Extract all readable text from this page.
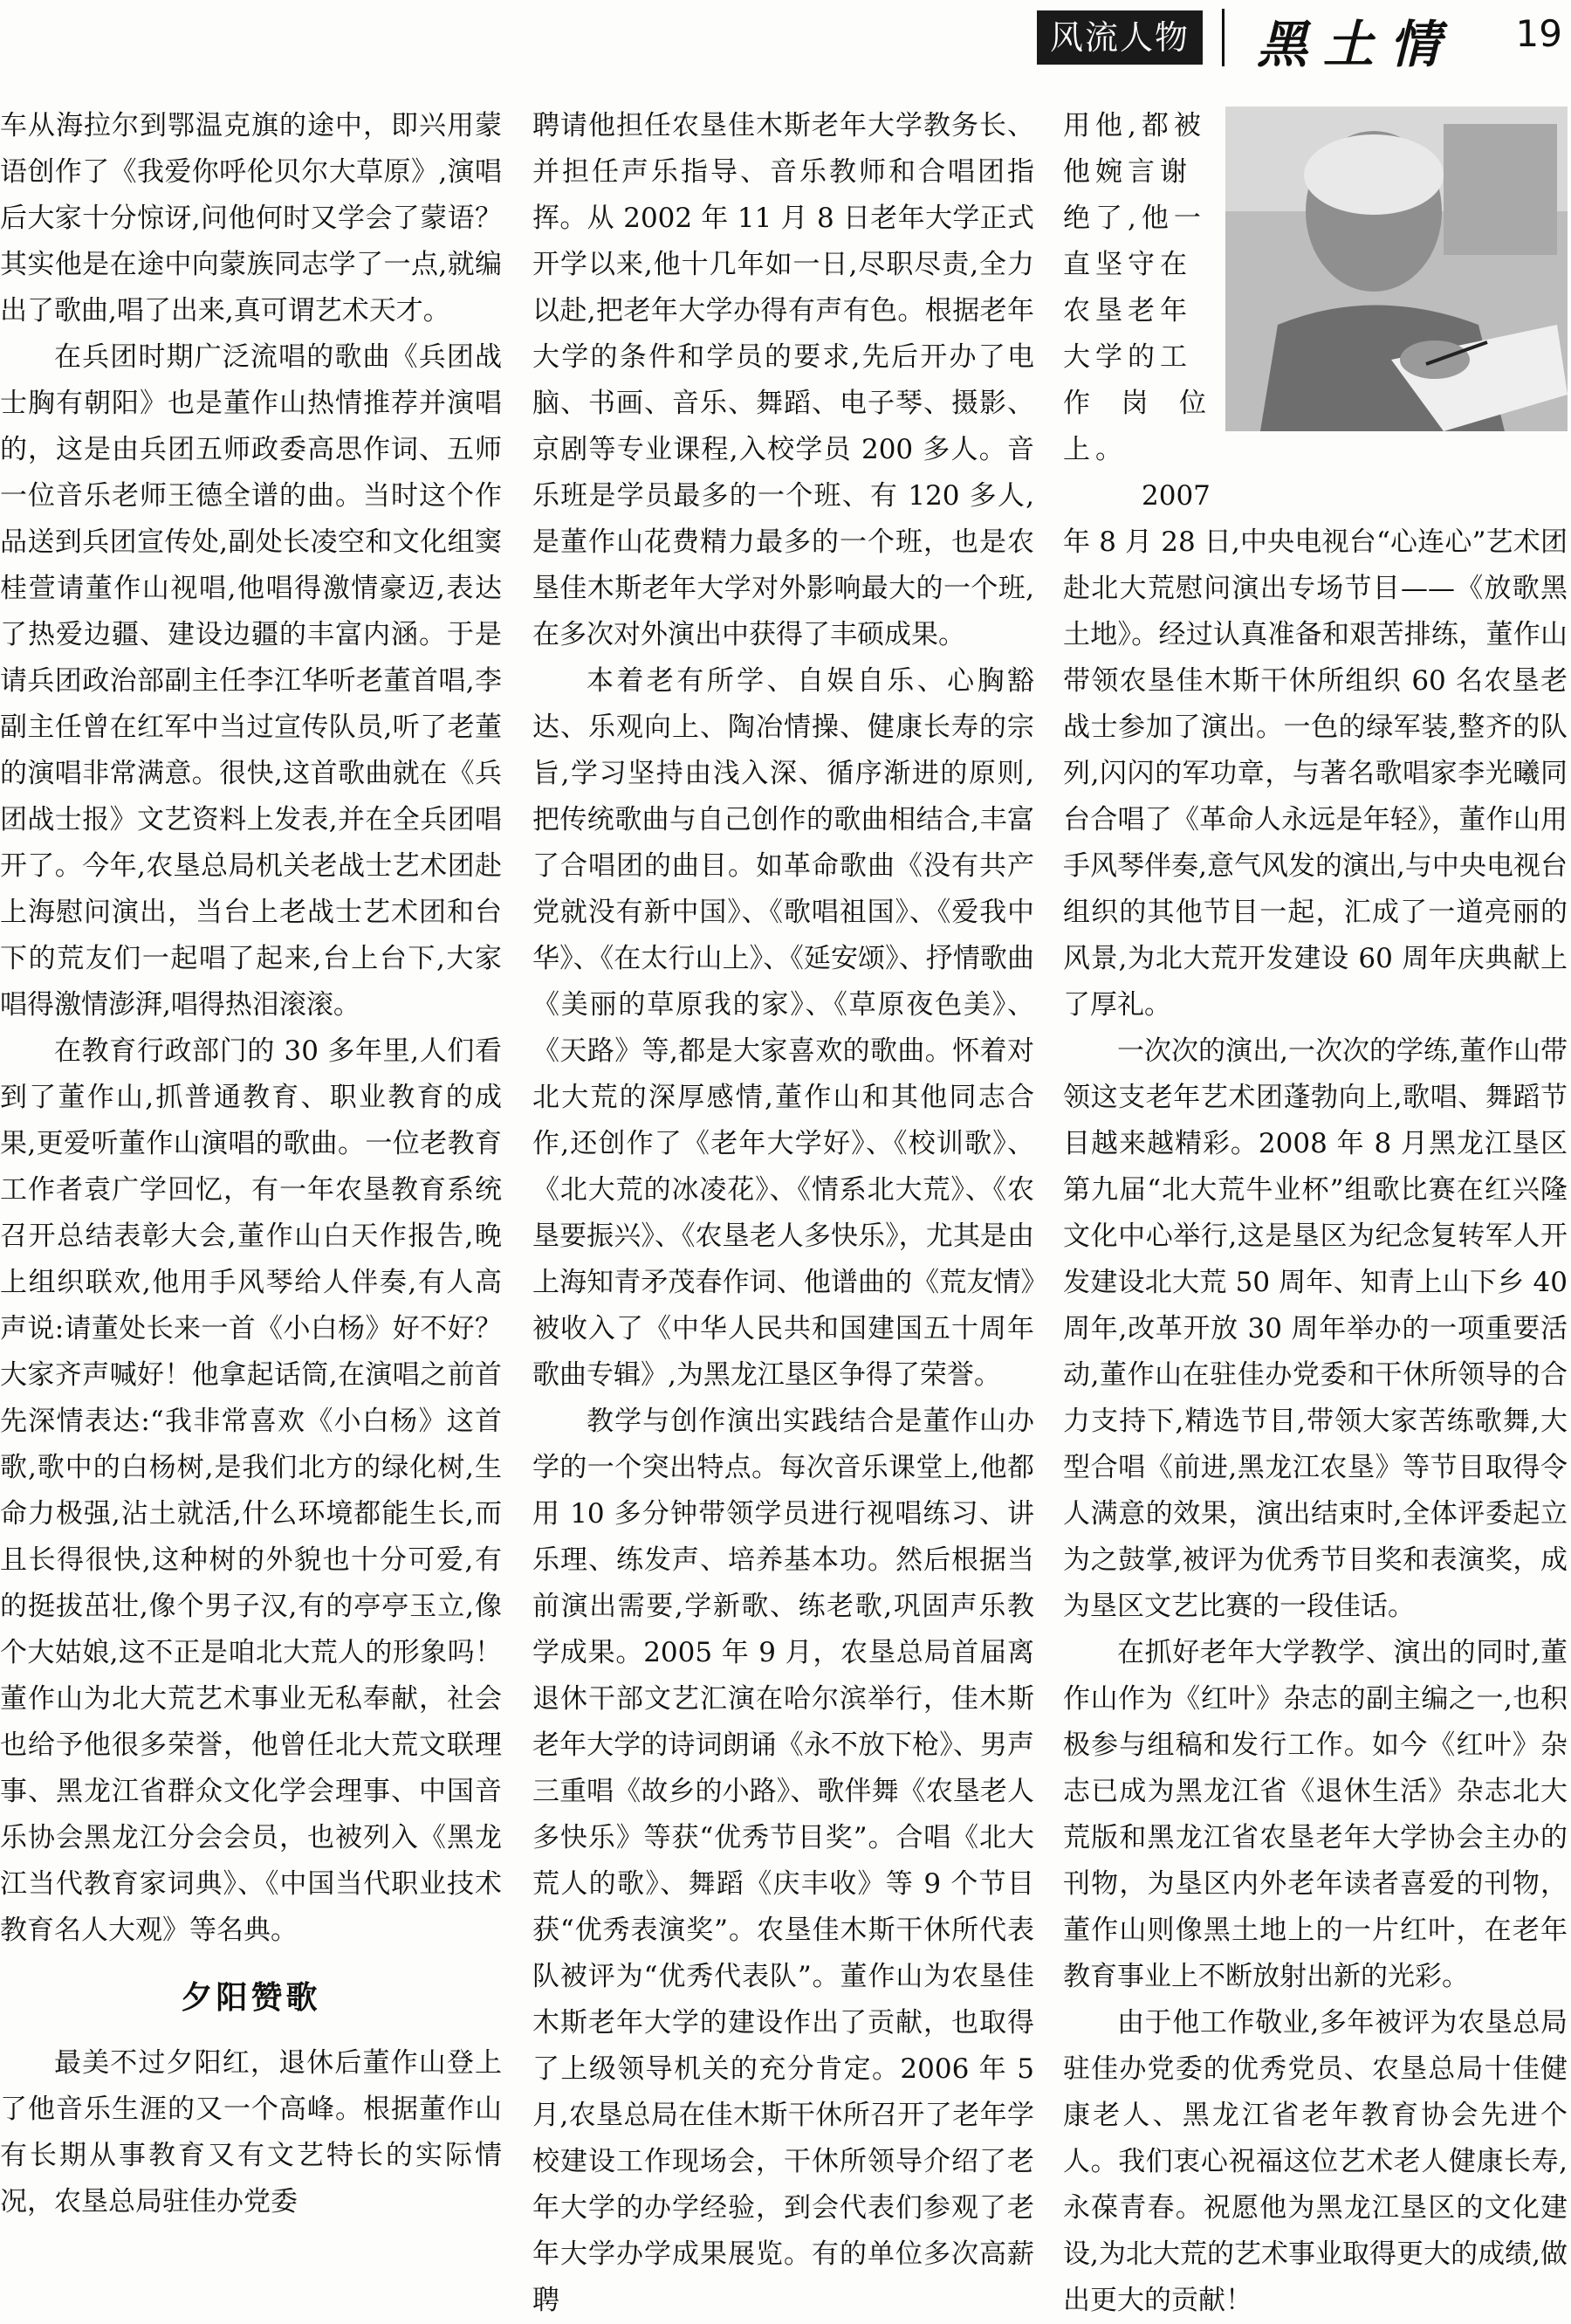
风流人物 黑土情 19

车从海拉尔到鄂温克旗的途中，即兴用蒙语创作了《我爱你呼伦贝尔大草原》,演唱后大家十分惊讶,问他何时又学会了蒙语？其实他是在途中向蒙族同志学了一点,就编出了歌曲,唱了出来,真可谓艺术天才。

在兵团时期广泛流唱的歌曲《兵团战士胸有朝阳》也是董作山热情推荐并演唱的，这是由兵团五师政委高思作词、五师一位音乐老师王德全谱的曲。当时这个作品送到兵团宣传处,副处长凌空和文化组窦桂萱请董作山视唱,他唱得激情豪迈,表达了热爱边疆、建设边疆的丰富内涵。于是请兵团政治部副主任李江华听老董首唱,李副主任曾在红军中当过宣传队员,听了老董的演唱非常满意。很快,这首歌曲就在《兵团战士报》文艺资料上发表,并在全兵团唱开了。今年,农垦总局机关老战士艺术团赴上海慰问演出，当台上老战士艺术团和台下的荒友们一起唱了起来,台上台下,大家唱得激情澎湃,唱得热泪滚滚。

在教育行政部门的 30 多年里,人们看到了董作山,抓普通教育、职业教育的成果,更爱听董作山演唱的歌曲。一位老教育工作者袁广学回忆，有一年农垦教育系统召开总结表彰大会,董作山白天作报告,晚上组织联欢,他用手风琴给人伴奏,有人高声说:请董处长来一首《小白杨》好不好？大家齐声喊好！他拿起话筒,在演唱之前首先深情表达:“我非常喜欢《小白杨》这首歌,歌中的白杨树,是我们北方的绿化树,生命力极强,沾土就活,什么环境都能生长,而且长得很快,这种树的外貌也十分可爱,有的挺拔茁壮,像个男子汉,有的亭亭玉立,像个大姑娘,这不正是咱北大荒人的形象吗！董作山为北大荒艺术事业无私奉献，社会也给予他很多荣誉，他曾任北大荒文联理事、黑龙江省群众文化学会理事、中国音乐协会黑龙江分会会员，也被列入《黑龙江当代教育家词典》、《中国当代职业技术教育名人大观》等名典。

夕阳赞歌

最美不过夕阳红，退休后董作山登上了他音乐生涯的又一个高峰。根据董作山有长期从事教育又有文艺特长的实际情况，农垦总局驻佳办党委

聘请他担任农垦佳木斯老年大学教务长、并担任声乐指导、音乐教师和合唱团指挥。从 2002 年 11 月 8 日老年大学正式开学以来,他十几年如一日,尽职尽责,全力以赴,把老年大学办得有声有色。根据老年大学的条件和学员的要求,先后开办了电脑、书画、音乐、舞蹈、电子琴、摄影、京剧等专业课程,入校学员 200 多人。音乐班是学员最多的一个班、有 120 多人,是董作山花费精力最多的一个班，也是农垦佳木斯老年大学对外影响最大的一个班,在多次对外演出中获得了丰硕成果。

本着老有所学、自娱自乐、心胸豁达、乐观向上、陶冶情操、健康长寿的宗旨,学习坚持由浅入深、循序渐进的原则,把传统歌曲与自己创作的歌曲相结合,丰富了合唱团的曲目。如革命歌曲《没有共产党就没有新中国》、《歌唱祖国》、《爱我中华》、《在太行山上》、《延安颂》、抒情歌曲《美丽的草原我的家》、《草原夜色美》、《天路》等,都是大家喜欢的歌曲。怀着对北大荒的深厚感情,董作山和其他同志合作,还创作了《老年大学好》、《校训歌》、《北大荒的冰凌花》、《情系北大荒》、《农垦要振兴》、《农垦老人多快乐》，尤其是由上海知青矛茂春作词、他谱曲的《荒友情》被收入了《中华人民共和国建国五十周年歌曲专辑》,为黑龙江垦区争得了荣誉。

教学与创作演出实践结合是董作山办学的一个突出特点。每次音乐课堂上,他都用 10 多分钟带领学员进行视唱练习、讲乐理、练发声、培养基本功。然后根据当前演出需要,学新歌、练老歌,巩固声乐教学成果。2005 年 9 月，农垦总局首届离退休干部文艺汇演在哈尔滨举行，佳木斯老年大学的诗词朗诵《永不放下枪》、男声三重唱《故乡的小路》、歌伴舞《农垦老人多快乐》等获“优秀节目奖”。合唱《北大荒人的歌》、舞蹈《庆丰收》等 9 个节目获“优秀表演奖”。农垦佳木斯干休所代表队被评为“优秀代表队”。董作山为农垦佳木斯老年大学的建设作出了贡献，也取得了上级领导机关的充分肯定。2006 年 5 月,农垦总局在佳木斯干休所召开了老年学校建设工作现场会，干休所领导介绍了老年大学的办学经验，到会代表们参观了老年大学办学成果展览。有的单位多次高薪聘

用他,都被
他婉言谢
绝了,他一
直坚守在
农垦老年
大学的工
作岗位上。
2007
年 8 月 28 日,中央电视台“心连心”艺术团赴北大荒慰问演出专场节目——《放歌黑土地》。经过认真准备和艰苦排练，董作山带领农垦佳木斯干休所组织 60 名农垦老战士参加了演出。一色的绿军装,整齐的队列,闪闪的军功章，与著名歌唱家李光曦同台合唱了《革命人永远是年轻》，董作山用手风琴伴奏,意气风发的演出,与中央电视台组织的其他节目一起，汇成了一道亮丽的风景,为北大荒开发建设 60 周年庆典献上了厚礼。

一次次的演出,一次次的学练,董作山带领这支老年艺术团蓬勃向上,歌唱、舞蹈节目越来越精彩。2008 年 8 月黑龙江垦区第九届“北大荒牛业杯”组歌比赛在红兴隆文化中心举行,这是垦区为纪念复转军人开发建设北大荒 50 周年、知青上山下乡 40 周年,改革开放 30 周年举办的一项重要活动,董作山在驻佳办党委和干休所领导的合力支持下,精选节目,带领大家苦练歌舞,大型合唱《前进,黑龙江农垦》等节目取得令人满意的效果，演出结束时,全体评委起立为之鼓掌,被评为优秀节目奖和表演奖，成为垦区文艺比赛的一段佳话。

在抓好老年大学教学、演出的同时,董作山作为《红叶》杂志的副主编之一,也积极参与组稿和发行工作。如今《红叶》杂志已成为黑龙江省《退休生活》杂志北大荒版和黑龙江省农垦老年大学协会主办的刊物，为垦区内外老年读者喜爱的刊物，董作山则像黑土地上的一片红叶，在老年教育事业上不断放射出新的光彩。

由于他工作敬业,多年被评为农垦总局驻佳办党委的优秀党员、农垦总局十佳健康老人、黑龙江省老年教育协会先进个人。我们衷心祝福这位艺术老人健康长寿,永葆青春。祝愿他为黑龙江垦区的文化建设,为北大荒的艺术事业取得更大的成绩,做出更大的贡献！
